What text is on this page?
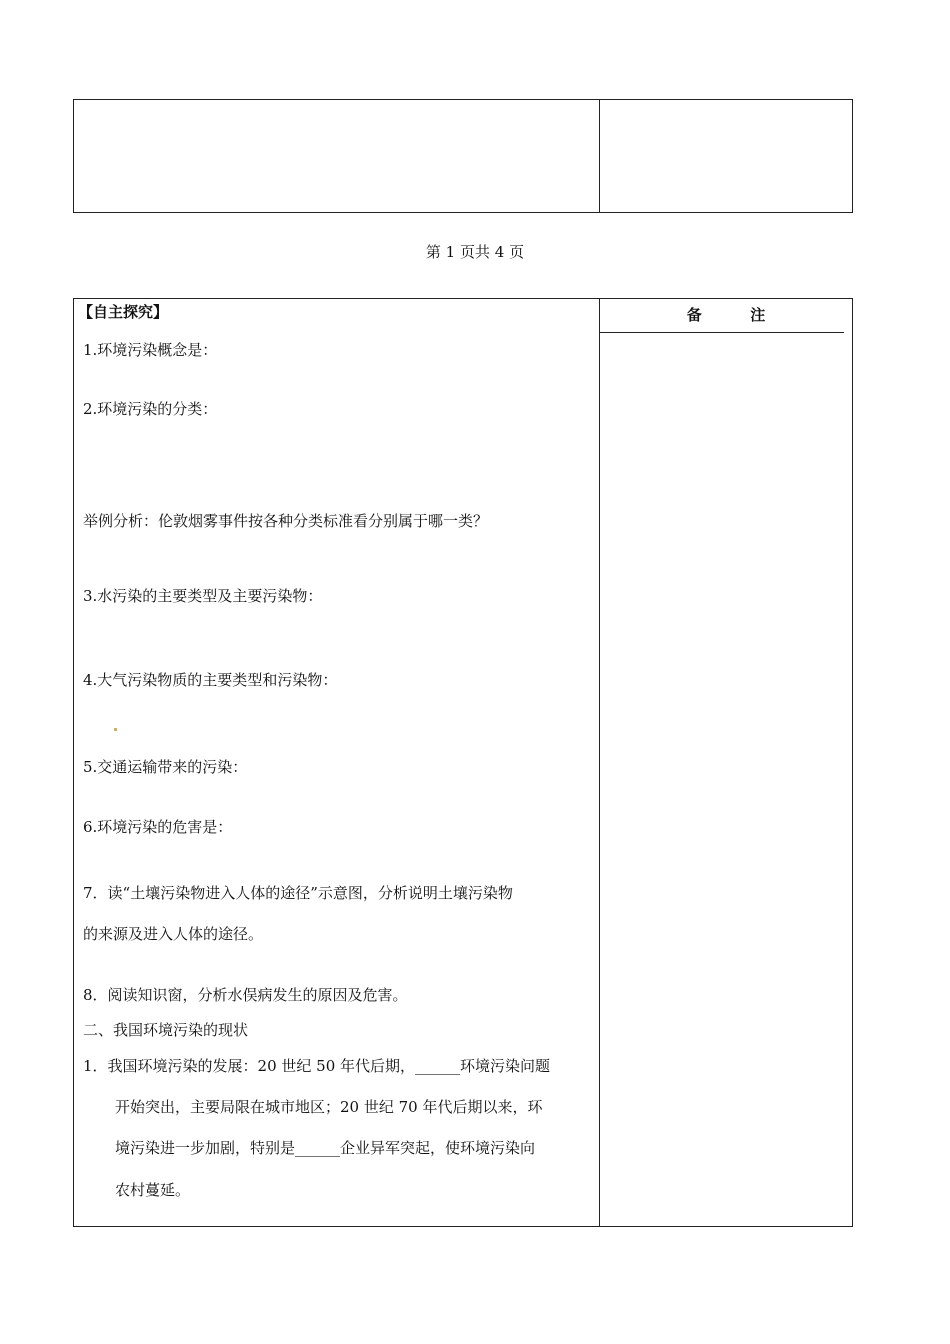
第 1 页共 4 页
备	注
【自主探究】
1.环境污染概念是：
2.环境污染的分类：
举例分析：伦敦烟雾事件按各种分类标准看分别属于哪一类？
3.水污染的主要类型及主要污染物：
4.大气污染物质的主要类型和污染物：
5.交通运输带来的污染：
6.环境污染的危害是：
7．读“土壤污染物进入人体的途径”示意图，分析说明土壤污染物
的来源及进入人体的途径。
8．阅读知识窗，分析水俣病发生的原因及危害。
二、我国环境污染的现状
1．我国环境污染的发展：20 世纪 50 年代后期，______环境污染问题
开始突出，主要局限在城市地区；20 世纪 70 年代后期以来，环
境污染进一步加剧，特别是______企业异军突起，使环境污染向
农村蔓延。
